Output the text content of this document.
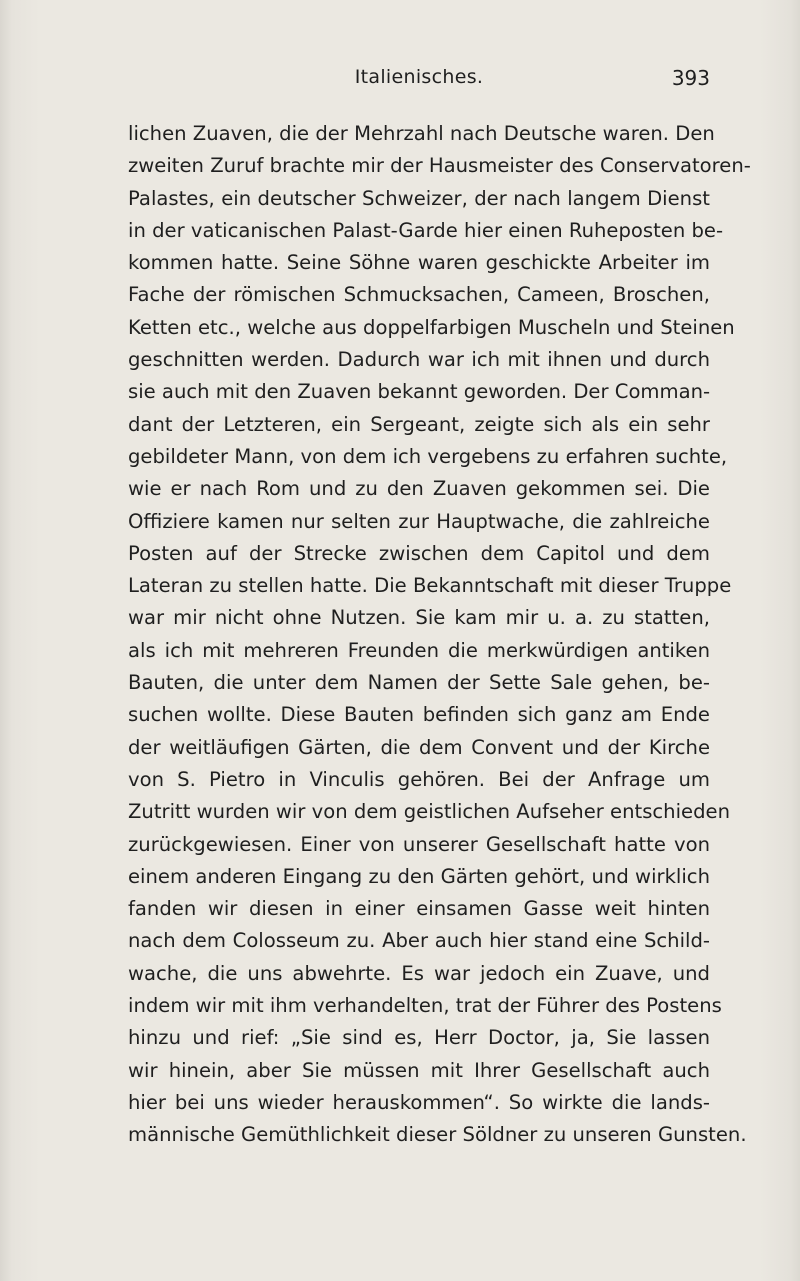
Italienisches.	393
lichen Zuaven, die der Mehrzahl nach Deutsche waren. Den
zweiten Zuruf brachte mir der Hausmeister des Conservatoren-
Palastes, ein deutscher Schweizer, der nach langem Dienst
in der vaticanischen Palast-Garde hier einen Ruheposten be-
kommen hatte. Seine Söhne waren geschickte Arbeiter im
Fache der römischen Schmucksachen, Cameen, Broschen,
Ketten etc., welche aus doppelfarbigen Muscheln und Steinen
geschnitten werden. Dadurch war ich mit ihnen und durch
sie auch mit den Zuaven bekannt geworden. Der Comman-
dant der Letzteren, ein Sergeant, zeigte sich als ein sehr
gebildeter Mann, von dem ich vergebens zu erfahren suchte,
wie er nach Rom und zu den Zuaven gekommen sei. Die
Offiziere kamen nur selten zur Hauptwache, die zahlreiche
Posten auf der Strecke zwischen dem Capitol und dem
Lateran zu stellen hatte. Die Bekanntschaft mit dieser Truppe
war mir nicht ohne Nutzen. Sie kam mir u. a. zu statten,
als ich mit mehreren Freunden die merkwürdigen antiken
Bauten, die unter dem Namen der Sette Sale gehen, be-
suchen wollte. Diese Bauten befinden sich ganz am Ende
der weitläufigen Gärten, die dem Convent und der Kirche
von S. Pietro in Vinculis gehören. Bei der Anfrage um
Zutritt wurden wir von dem geistlichen Aufseher entschieden
zurückgewiesen. Einer von unserer Gesellschaft hatte von
einem anderen Eingang zu den Gärten gehört, und wirklich
fanden wir diesen in einer einsamen Gasse weit hinten
nach dem Colosseum zu. Aber auch hier stand eine Schild-
wache, die uns abwehrte. Es war jedoch ein Zuave, und
indem wir mit ihm verhandelten, trat der Führer des Postens
hinzu und rief: „Sie sind es, Herr Doctor, ja, Sie lassen
wir hinein, aber Sie müssen mit Ihrer Gesellschaft auch
hier bei uns wieder herauskommen“. So wirkte die lands-
männische Gemüthlichkeit dieser Söldner zu unseren Gunsten.
